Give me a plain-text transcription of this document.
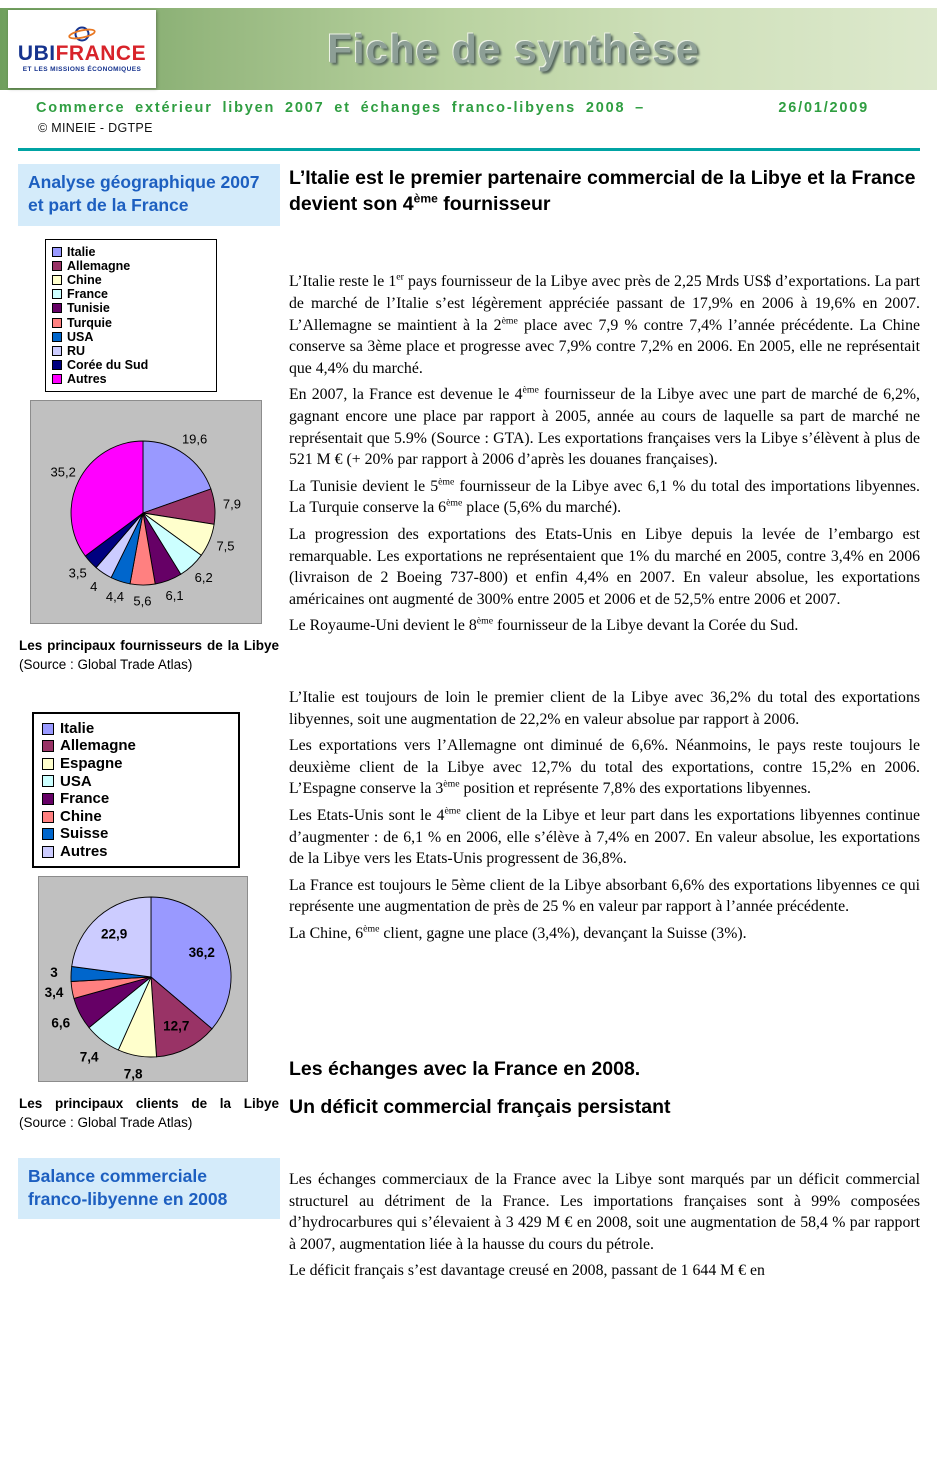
UBIFRANCE
ET LES MISSIONS ÉCONOMIQUES	Fiche de synthèse
Commerce extérieur libyen 2007 et échanges franco-libyens 2008 –	26/01/2009
© MINEIE - DGTPE
Analyse géographique 2007 et part de la France
Italie
Allemagne
Chine
France
Tunisie
Turquie
USA
RU
Corée du Sud
Autres
19,6
7,9
7,5
6,2
6,1
5,6
4,4
4
3,5
35,2

Les principaux fournisseurs de la Libye (Source : Global Trade Atlas)

Italie
Allemagne
Espagne
USA
France
Chine
Suisse
Autres
36,2
12,7
7,8
7,4
6,6
3,4
3
22,9

Les principaux clients de la Libye (Source : Global Trade Atlas)

Balance commerciale franco-libyenne en 2008
L’Italie est le premier partenaire commercial de la Libye et la France devient son 4ème fournisseur

L’Italie reste le 1er pays fournisseur de la Libye avec près de 2,25 Mrds US$ d’exportations. La part de marché de l’Italie s’est légèrement appréciée passant de 17,9% en 2006 à 19,6% en 2007. L’Allemagne se maintient à la 2ème place avec 7,9 % contre 7,4% l’année précédente. La Chine conserve sa 3ème place et progresse avec 7,9% contre 7,2% en 2006. En 2005, elle ne représentait que 4,4% du marché.

En 2007, la France est devenue le 4ème fournisseur de la Libye avec une part de marché de 6,2%, gagnant encore une place par rapport à 2005, année au cours de laquelle sa part de marché ne représentait que 5.9% (Source : GTA). Les exportations françaises vers la Libye s’élèvent à plus de 521 M € (+ 20% par rapport à 2006 d’après les douanes françaises).

La Tunisie devient le 5ème fournisseur de la Libye avec 6,1 % du total des importations libyennes. La Turquie conserve la 6ème place (5,6% du marché).

La progression des exportations des Etats-Unis en Libye depuis la levée de l’embargo est remarquable. Les exportations ne représentaient que 1% du marché en 2005, contre 3,4% en 2006 (livraison de 2 Boeing 737-800) et enfin 4,4% en 2007. En valeur absolue, les exportations américaines ont augmenté de 300% entre 2005 et 2006 et de 52,5% entre 2006 et 2007.

Le Royaume-Uni devient le 8ème fournisseur de la Libye devant la Corée du Sud.

L’Italie est toujours de loin le premier client de la Libye avec 36,2% du total des exportations libyennes, soit une augmentation de 22,2% en valeur absolue par rapport à 2006.

Les exportations vers l’Allemagne ont diminué de 6,6%. Néanmoins, le pays reste toujours le deuxième client de la Libye avec 12,7% du total des exportations, contre 15,2% en 2006. L’Espagne conserve la 3ème position et représente 7,8% des exportations libyennes.

Les Etats-Unis sont le 4ème client de la Libye et leur part dans les exportations libyennes continue d’augmenter : de 6,1 % en 2006, elle s’élève à 7,4% en 2007. En valeur absolue, les exportations de la Libye vers les Etats-Unis progressent de 36,8%.

La France est toujours le 5ème client de la Libye absorbant 6,6% des exportations libyennes ce qui représente une augmentation de près de 25 % en valeur par rapport à l’année précédente.

La Chine, 6ème client, gagne une place (3,4%), devançant la Suisse (3%).

Les échanges avec la France en 2008.
Un déficit commercial français persistant

Les échanges commerciaux de la France avec la Libye sont marqués par un déficit commercial structurel au détriment de la France. Les importations françaises sont à 99% composées d’hydrocarbures qui s’élevaient à 3 429 M € en 2008, soit une augmentation de 58,4 % par rapport à 2007, augmentation liée à la hausse du cours du pétrole.

Le déficit français s’est davantage creusé en 2008, passant de 1 644 M € en
